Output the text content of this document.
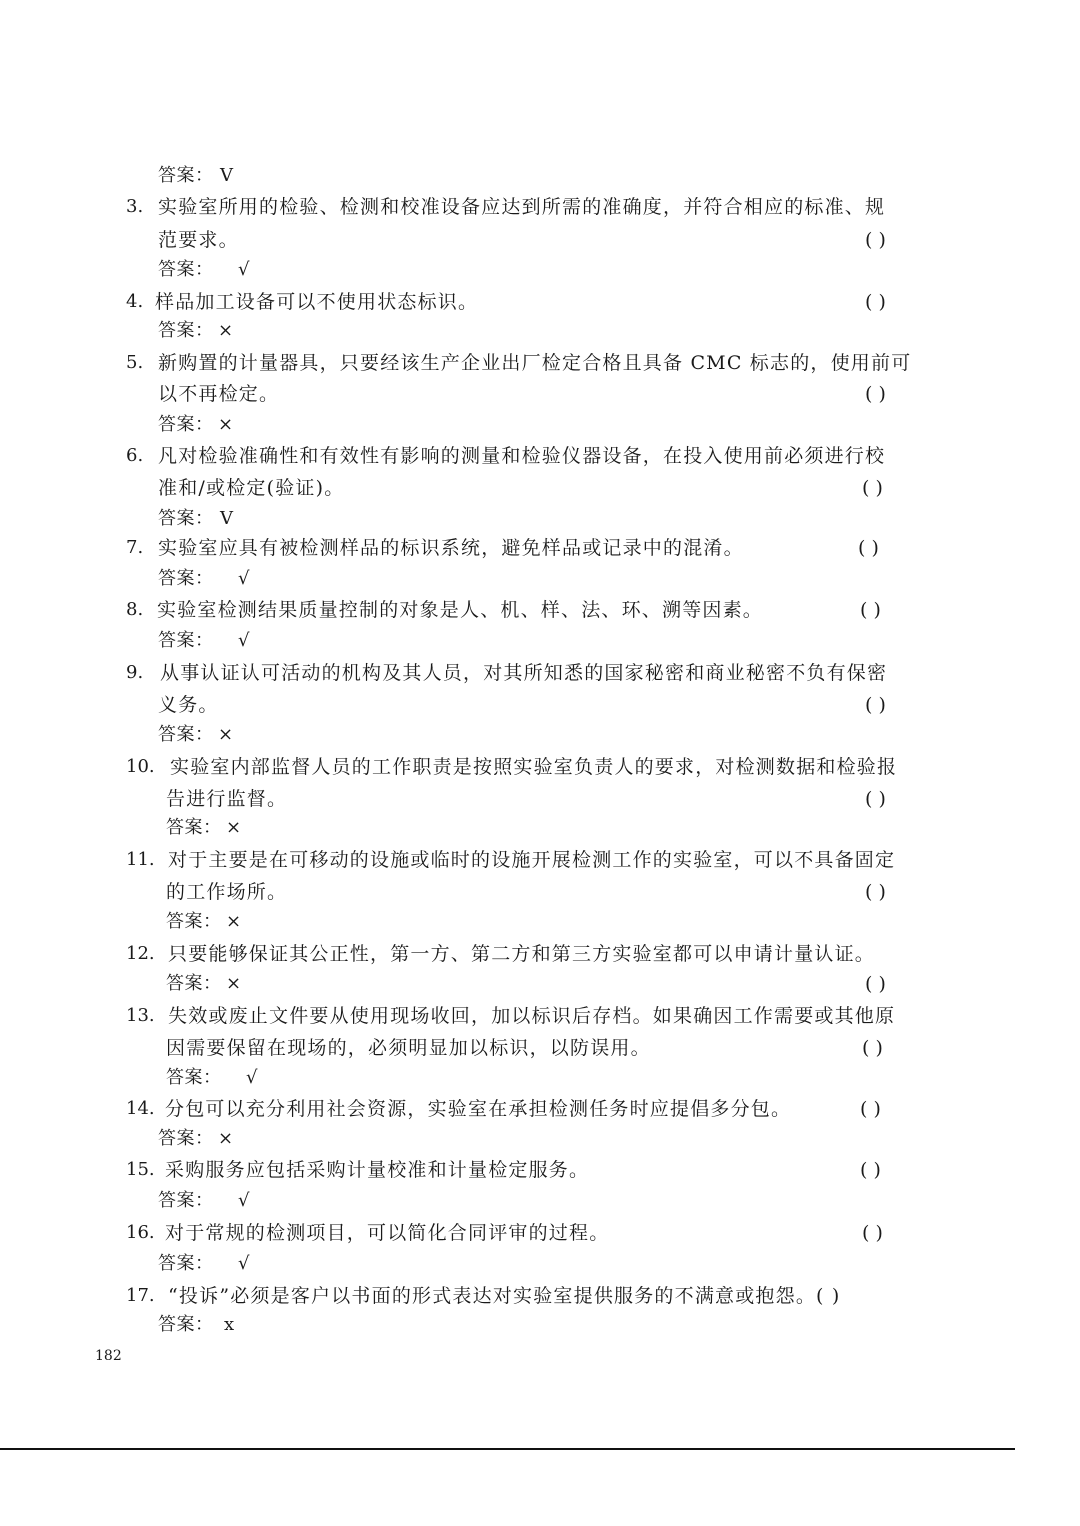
答案： V
3. 实验室所用的检验、检测和校准设备应达到所需的准确度，并符合相应的标准、规
范要求。	( )
答案： √
4. 样品加工设备可以不使用状态标识。	( )
答案： ×
5. 新购置的计量器具，只要经该生产企业出厂检定合格且具备 CMC 标志的，使用前可
以不再检定。	( )
答案： ×
6. 凡对检验准确性和有效性有影响的测量和检验仪器设备，在投入使用前必须进行校
准和/或检定(验证)。	( )
答案： V
7. 实验室应具有被检测样品的标识系统，避免样品或记录中的混淆。	( )
答案： √
8. 实验室检测结果质量控制的对象是人、机、样、法、环、溯等因素。	( )
答案： √
9. 从事认证认可活动的机构及其人员，对其所知悉的国家秘密和商业秘密不负有保密
义务。	( )
答案： ×
10. 实验室内部监督人员的工作职责是按照实验室负责人的要求，对检测数据和检验报
告进行监督。	( )
答案： ×
11. 对于主要是在可移动的设施或临时的设施开展检测工作的实验室，可以不具备固定
的工作场所。	( )
答案： ×
12. 只要能够保证其公正性，第一方、第二方和第三方实验室都可以申请计量认证。
答案： ×	( )
13. 失效或废止文件要从使用现场收回，加以标识后存档。如果确因工作需要或其他原
因需要保留在现场的，必须明显加以标识，以防误用。	( )
答案： √
14. 分包可以充分利用社会资源，实验室在承担检测任务时应提倡多分包。	( )
答案： ×
15. 采购服务应包括采购计量校准和计量检定服务。	( )
答案： √
16. 对于常规的检测项目，可以简化合同评审的过程。	( )
答案： √
17. “投诉”必须是客户以书面的形式表达对实验室提供服务的不满意或抱怨。( )
答案： x
182
